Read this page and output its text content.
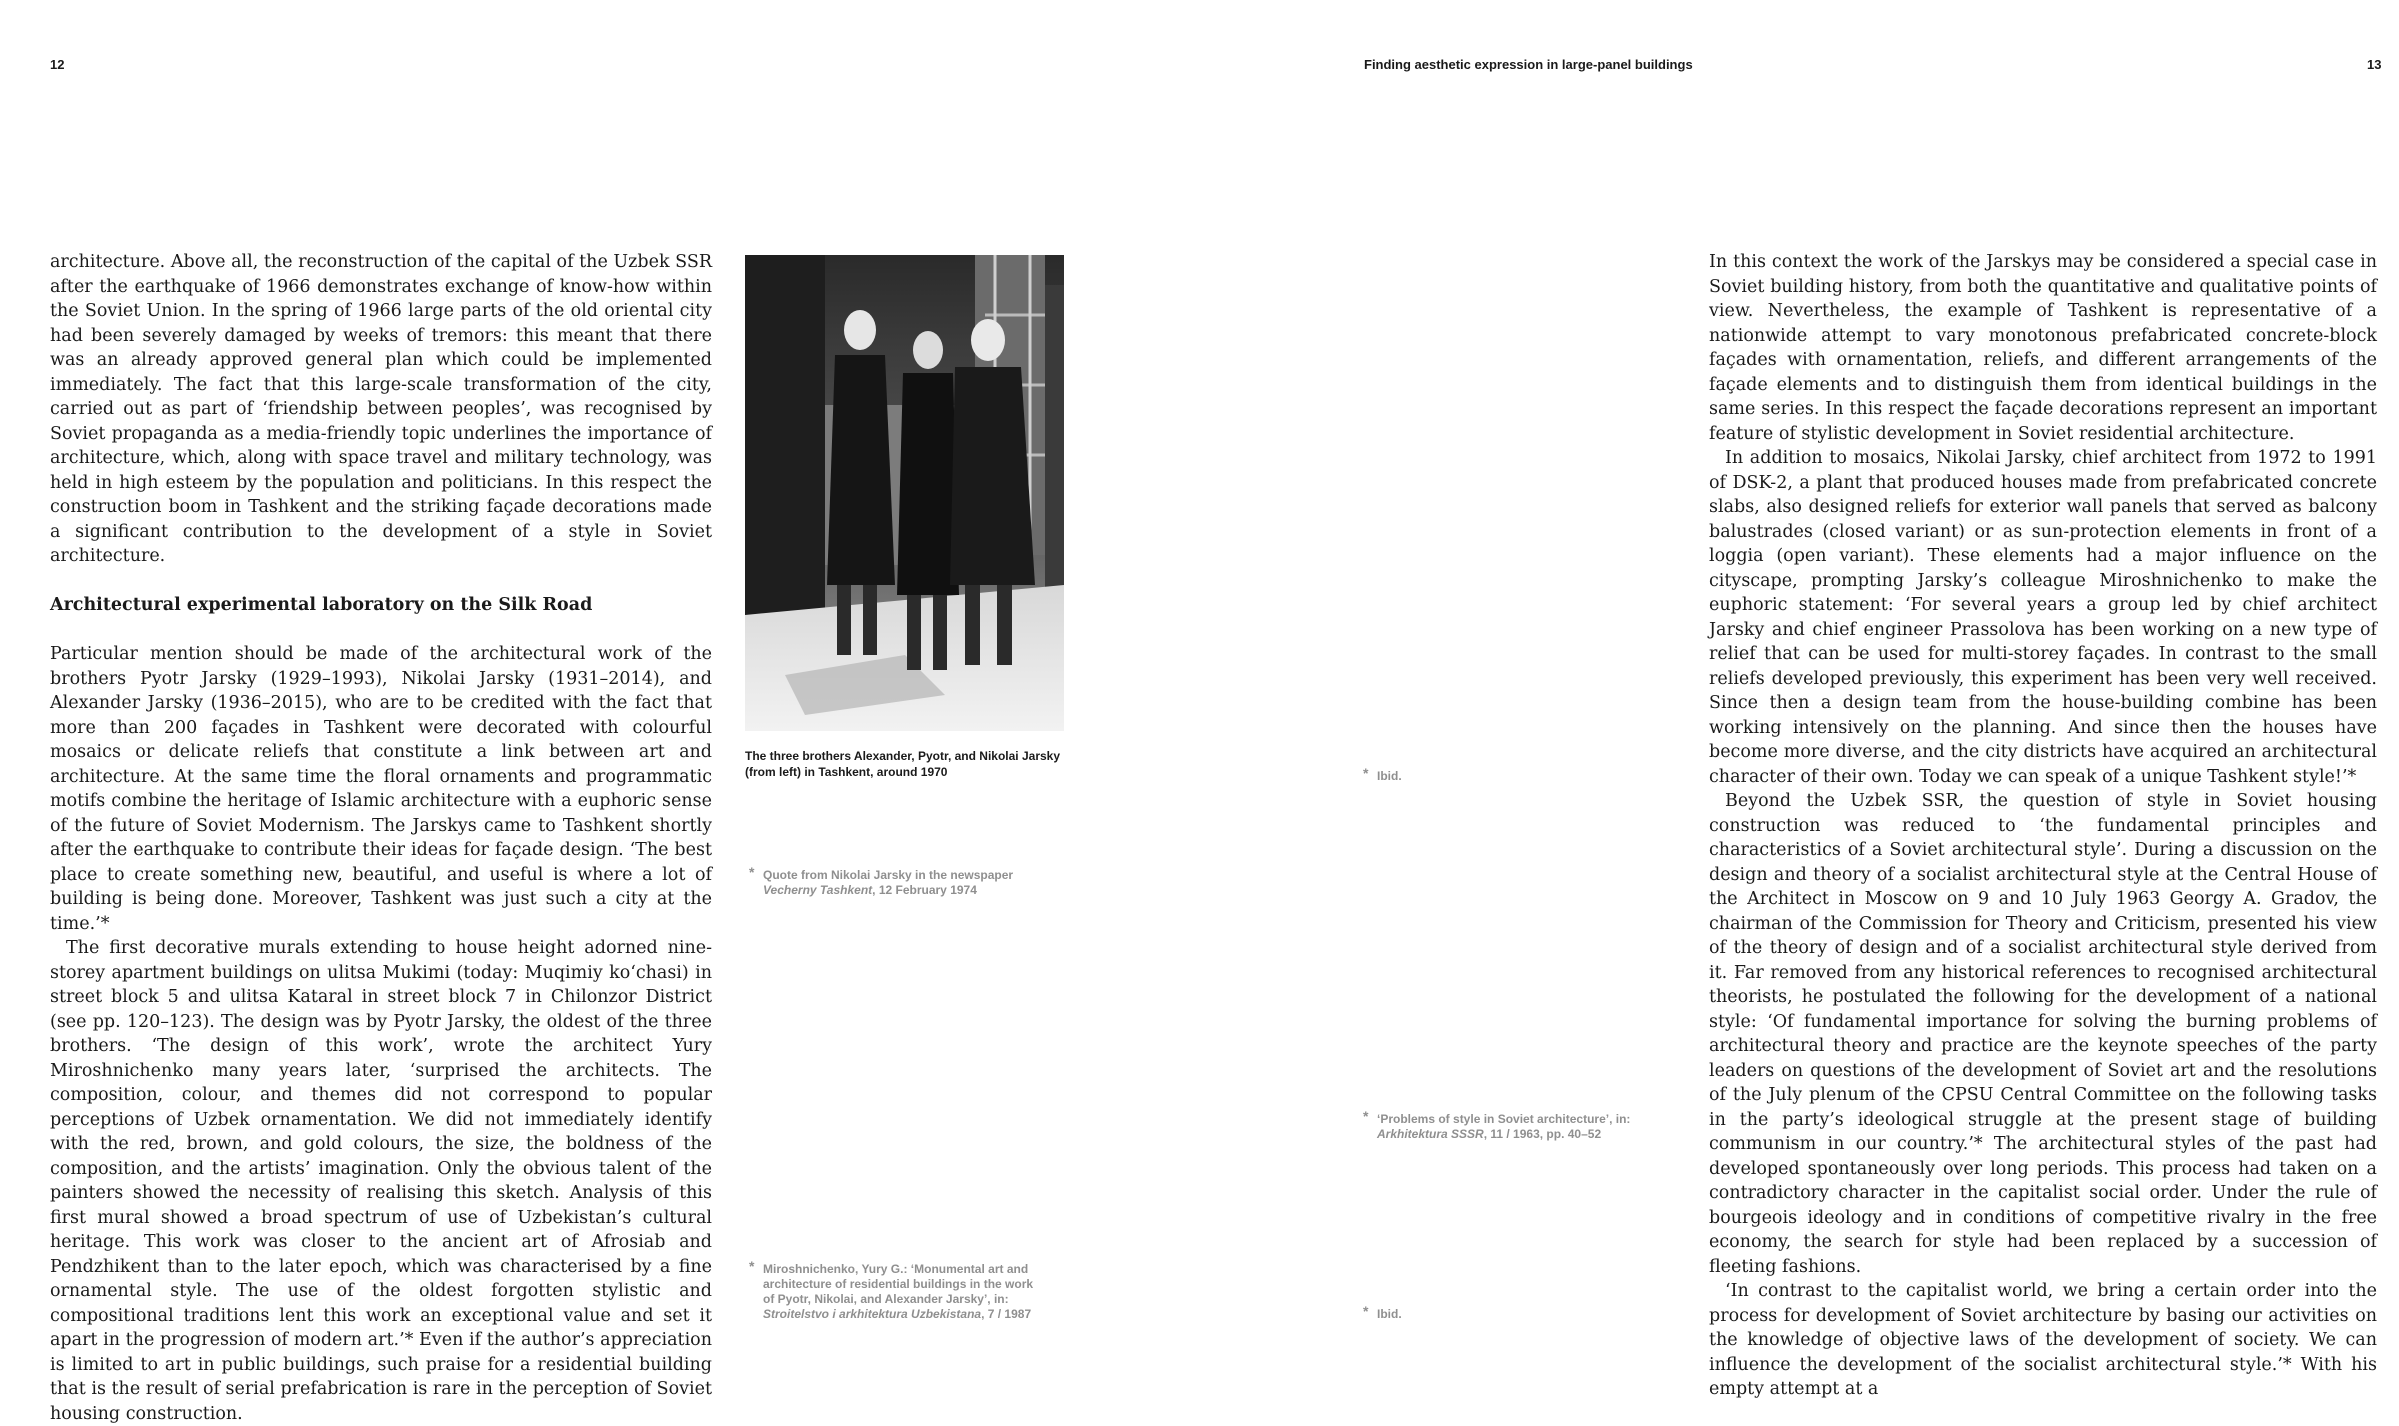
12	Finding aesthetic expression in large-panel buildings	13

architecture. Above all, the reconstruction of the capital of the Uzbek SSR after the earthquake of 1966 demonstrates exchange of know-how within the Soviet Union. In the spring of 1966 large parts of the old oriental city had been severely damaged by weeks of tremors: this meant that there was an already approved general plan which could be implemented immediately. The fact that this large-scale transformation of the city, carried out as part of ‘friendship between peoples’, was recognised by Soviet propaganda as a media-friendly topic underlines the importance of architecture, which, along with space travel and military technology, was held in high esteem by the population and politicians. In this respect the construction boom in Tashkent and the striking façade decorations made a significant contribution to the development of a style in Soviet architecture.

Architectural experimental laboratory on the Silk Road

Particular mention should be made of the architectural work of the brothers Pyotr Jarsky (1929–1993), Nikolai Jarsky (1931–2014), and Alexander Jarsky (1936–2015), who are to be credited with the fact that more than 200 façades in Tashkent were decorated with colourful mosaics or delicate reliefs that constitute a link between art and architecture. At the same time the floral ornaments and programmatic motifs combine the heritage of Islamic architecture with a euphoric sense of the future of Soviet Modernism. The Jarskys came to Tashkent shortly after the earthquake to contribute their ideas for façade design. ‘The best place to create something new, beautiful, and useful is where a lot of building is being done. Moreover, Tashkent was just such a city at the time.’*

The first decorative murals extending to house height adorned nine-storey apartment buildings on ulitsa Mukimi (today: Muqimiy koʻchasi) in street block 5 and ulitsa Kataral in street block 7 in Chilonzor District (see pp. 120–123). The design was by Pyotr Jarsky, the oldest of the three brothers. ‘The design of this work’, wrote the architect Yury Miroshnichenko many years later, ‘surprised the architects. The composition, colour, and themes did not correspond to popular perceptions of Uzbek ornamentation. We did not immediately identify with the red, brown, and gold colours, the size, the boldness of the composition, and the artists’ imagination. Only the obvious talent of the painters showed the necessity of realising this sketch. Analysis of this first mural showed a broad spectrum of use of Uzbekistan’s cultural heritage. This work was closer to the ancient art of Afrosiab and Pendzhikent than to the later epoch, which was characterised by a fine ornamental style. The use of the oldest forgotten stylistic and compositional traditions lent this work an exceptional value and set it apart in the progression of modern art.’* Even if the author’s appreciation is limited to art in public buildings, such praise for a residential building that is the result of serial prefabrication is rare in the perception of Soviet housing construction.

The three brothers Alexander, Pyotr, and Nikolai Jarsky (from left) in Tashkent, around 1970
* Quote from Nikolai Jarsky in the newspaper
Vecherny Tashkent, 12 February 1974
* Miroshnichenko, Yury G.: ‘Monumental art and architecture of residential buildings in the work of Pyotr, Nikolai, and Alexander Jarsky’, in:
Stroitelstvo i arkhitektura Uzbekistana, 7 / 1987
* Ibid.
* ‘Problems of style in Soviet architecture’, in:
Arkhitektura SSSR, 11 / 1963, pp. 40–52
* Ibid.

In this context the work of the Jarskys may be considered a special case in Soviet building history, from both the quantitative and qualitative points of view. Nevertheless, the example of Tashkent is representative of a nationwide attempt to vary monotonous prefabricated concrete-block façades with ornamentation, reliefs, and different arrangements of the façade elements and to distinguish them from identical buildings in the same series. In this respect the façade decorations represent an important feature of stylistic development in Soviet residential architecture.

In addition to mosaics, Nikolai Jarsky, chief architect from 1972 to 1991 of DSK-2, a plant that produced houses made from prefabricated concrete slabs, also designed reliefs for exterior wall panels that served as balcony balustrades (closed variant) or as sun-protection elements in front of a loggia (open variant). These elements had a major influence on the cityscape, prompting Jarsky’s colleague Miroshnichenko to make the euphoric statement: ‘For several years a group led by chief architect Jarsky and chief engineer Prassolova has been working on a new type of relief that can be used for multi-storey façades. In contrast to the small reliefs developed previously, this experiment has been very well received. Since then a design team from the house-building combine has been working intensively on the planning. And since then the houses have become more diverse, and the city districts have acquired an architectural character of their own. Today we can speak of a unique Tashkent style!’*

Beyond the Uzbek SSR, the question of style in Soviet housing construction was reduced to ‘the fundamental principles and characteristics of a Soviet architectural style’. During a discussion on the design and theory of a socialist architectural style at the Central House of the Architect in Moscow on 9 and 10 July 1963 Georgy A. Gradov, the chairman of the Commission for Theory and Criticism, presented his view of the theory of design and of a socialist architectural style derived from it. Far removed from any historical references to recognised architectural theorists, he postulated the following for the development of a national style: ‘Of fundamental importance for solving the burning problems of architectural theory and practice are the keynote speeches of the party leaders on questions of the development of Soviet art and the resolutions of the July plenum of the CPSU Central Committee on the following tasks in the party’s ideological struggle at the present stage of building communism in our country.’* The architectural styles of the past had developed spontaneously over long periods. This process had taken on a contradictory character in the capitalist social order. Under the rule of bourgeois ideology and in conditions of competitive rivalry in the free economy, the search for style had been replaced by a succession of fleeting fashions.

‘In contrast to the capitalist world, we bring a certain order into the process for development of Soviet architecture by basing our activities on the knowledge of objective laws of the development of society. We can influence the development of the socialist architectural style.’* With his empty attempt at a
